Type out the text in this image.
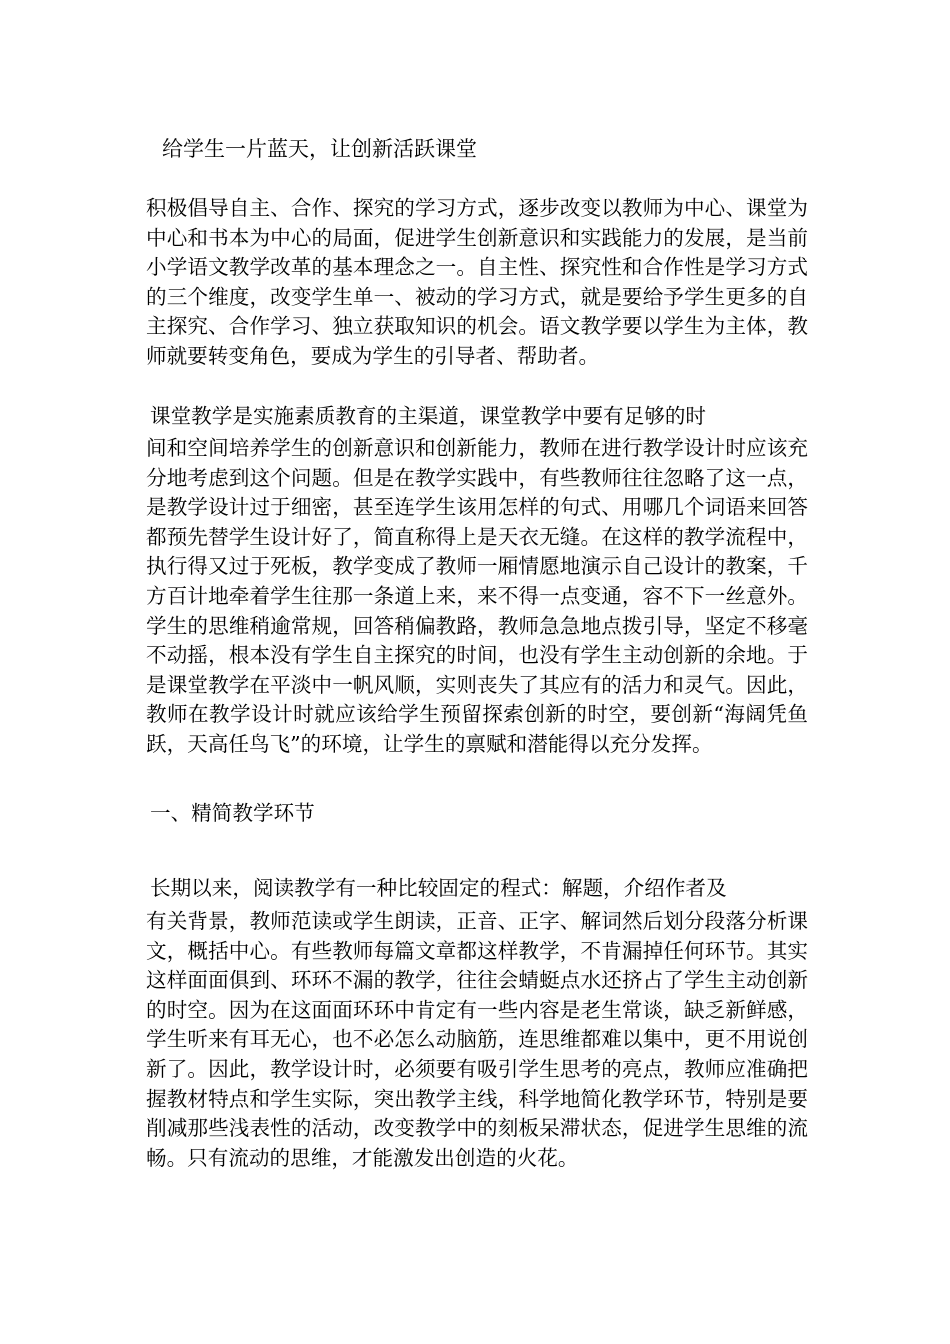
给学生一片蓝天，让创新活跃课堂

积极倡导自主、合作、探究的学习方式，逐步改变以教师为中心、课堂为中心和书本为中心的局面，促进学生创新意识和实践能力的发展，是当前小学语文教学改革的基本理念之一。自主性、探究性和合作性是学习方式的三个维度，改变学生单一、被动的学习方式，就是要给予学生更多的自主探究、合作学习、独立获取知识的机会。语文教学要以学生为主体，教师就要转变角色，要成为学生的引导者、帮助者。

课堂教学是实施素质教育的主渠道，课堂教学中要有足够的时

间和空间培养学生的创新意识和创新能力，教师在进行教学设计时应该充分地考虑到这个问题。但是在教学实践中，有些教师往往忽略了这一点，是教学设计过于细密，甚至连学生该用怎样的句式、用哪几个词语来回答都预先替学生设计好了，简直称得上是天衣无缝。在这样的教学流程中，执行得又过于死板，教学变成了教师一厢情愿地演示自己设计的教案，千方百计地牵着学生往那一条道上来，来不得一点变通，容不下一丝意外。学生的思维稍逾常规，回答稍偏教路，教师急急地点拨引导，坚定不移毫不动摇，根本没有学生自主探究的时间，也没有学生主动创新的余地。于是课堂教学在平淡中一帆风顺，实则丧失了其应有的活力和灵气。因此，教师在教学设计时就应该给学生预留探索创新的时空，要创新“海阔凭鱼跃，天高任鸟飞”的环境，让学生的禀赋和潜能得以充分发挥。

一、精简教学环节

长期以来，阅读教学有一种比较固定的程式：解题，介绍作者及

有关背景，教师范读或学生朗读，正音、正字、解词然后划分段落分析课文，概括中心。有些教师每篇文章都这样教学，不肯漏掉任何环节。其实这样面面俱到、环环不漏的教学，往往会蜻蜓点水还挤占了学生主动创新的时空。因为在这面面环环中肯定有一些内容是老生常谈，缺乏新鲜感，学生听来有耳无心，也不必怎么动脑筋，连思维都难以集中，更不用说创新了。因此，教学设计时，必须要有吸引学生思考的亮点，教师应准确把握教材特点和学生实际，突出教学主线，科学地简化教学环节，特别是要削减那些浅表性的活动，改变教学中的刻板呆滞状态，促进学生思维的流畅。只有流动的思维，才能激发出创造的火花。
